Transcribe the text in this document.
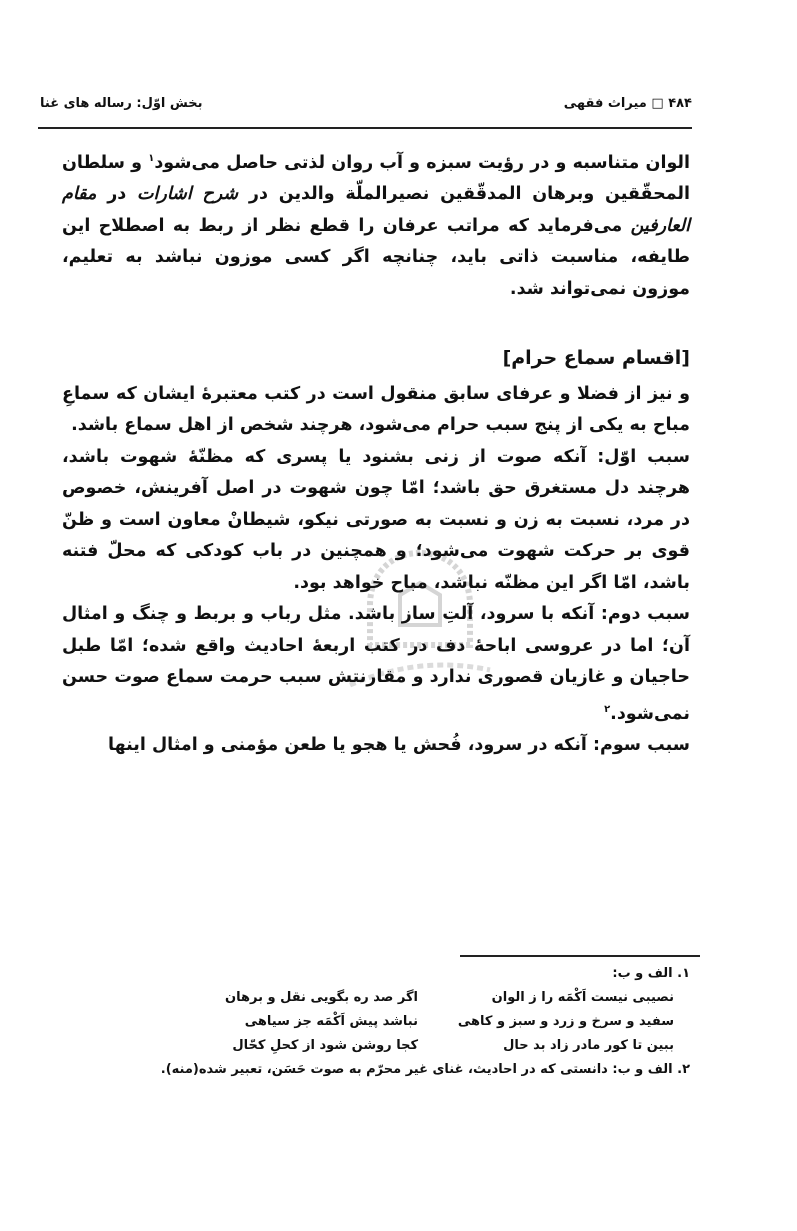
۴۸۴ □ میراث فقهی
بخش اوّل: رساله های غنا

الوان متناسبه و در رؤیت سبزه و آب روان لذتی حاصل می‌شود$^۱$ و سلطان المحقّقین وبرهان المدقّقین نصیرالملّة والدین در شرح اشارات در مقام العارفین می‌فرماید که مراتب عرفان را قطع نظر از ربط به اصطلاح این طایفه، مناسبت ذاتی باید، چنانچه اگر کسی موزون نباشد به تعلیم، موزون نمی‌تواند شد.

[اقسام سماع حرام]

و نیز از فضلا و عرفای سابق منقول است در کتب معتبرهٔ ایشان که سماعِ مباح به یکی از پنج سبب حرام می‌شود، هرچند شخص از اهل سماع باشد.

سبب اوّل: آنکه صوت از زنی بشنود یا پسری که مظنّهٔ شهوت باشد، هرچند دل مستغرق حق باشد؛ امّا چون شهوت در اصل آفرینش، خصوص در مرد، نسبت به زن و نسبت به صورتی نیکو، شیطانْ معاون است و ظنّ قوی بر حرکت شهوت می‌شود؛ و همچنین در باب کودکی که محلّ فتنه باشد، امّا اگر این مظنّه نباشد، مباح خواهد بود.

سبب دوم: آنکه با سرود، آلتِ ساز باشد. مثل رباب و بربط و چنگ و امثال آن؛ اما در عروسی اباحهٔ دف در کتب اربعهٔ احادیث واقع شده؛ امّا طبل حاجیان و غازیان قصوری ندارد و مقارنتش سبب حرمت سماع صوت حسن نمی‌شود.$^۲$

سبب سوم: آنکه در سرود، فُحش یا هجو یا طعن مؤمنی و امثال اینها

۱. الف و ب:

نصیبی نیست اَکْمَه را ز الوان
اگر صد ره بگویی نقل و برهان
سفید و سرخ و زرد و سبز و کاهی
نباشد پیش اَکْمَه جز سیاهی
ببین تا کور مادر زاد بد حال
کجا روشن شود از کحلِ کحّال

۲. الف و ب: دانستی که در احادیث، غنای غیر محرّم به صوت حَسَن، تعبیر شده(منه).
